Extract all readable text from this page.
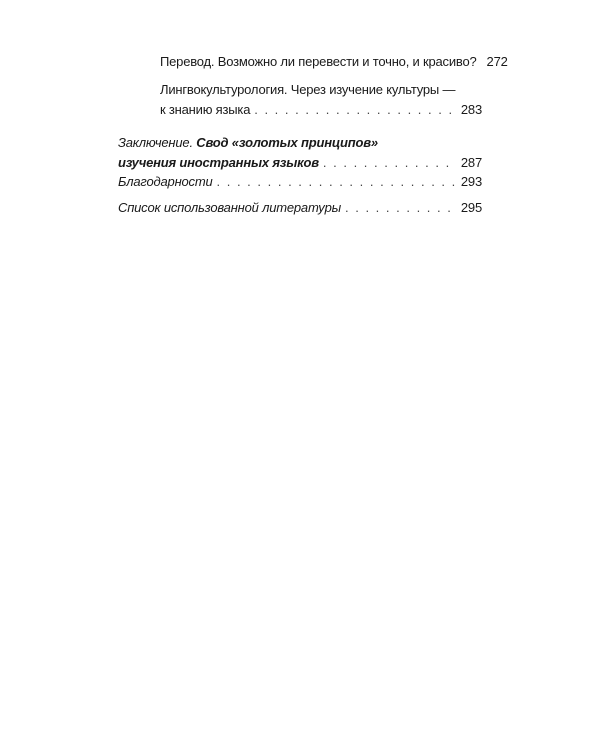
Перевод. Возможно ли перевести и точно, и красиво? 272
Лингвокультурология. Через изучение культуры —
к знанию языка . . .	283
Заключение. Свод «золотых принципов»
изучения иностранных языков . . .	287
Благодарности . . .	293
Список использованной литературы . . .	295
